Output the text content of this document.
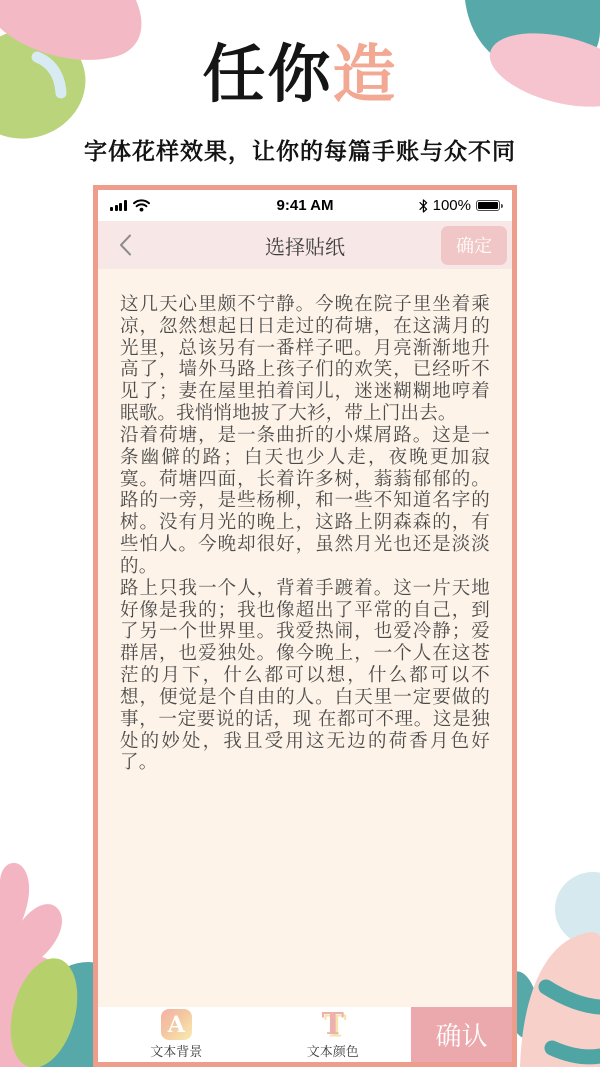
任你造

字体花样效果，让你的每篇手账与众不同

9:41 AM	100%
选择贴纸	确定

这几天心里颇不宁静。今晚在院子里坐着乘凉，忽然想起日日走过的荷塘，在这满月的光里，总该另有一番样子吧。月亮渐渐地升高了，墙外马路上孩子们的欢笑，已经听不见了；妻在屋里拍着闰儿，迷迷糊糊地哼着眠歌。我悄悄地披了大衫，带上门出去。

沿着荷塘，是一条曲折的小煤屑路。这是一条幽僻的路；白天也少人走，夜晚更加寂寞。荷塘四面，长着许多树，蓊蓊郁郁的。路的一旁，是些杨柳，和一些不知道名字的树。没有月光的晚上，这路上阴森森的，有些怕人。今晚却很好，虽然月光也还是淡淡的。

路上只我一个人，背着手踱着。这一片天地好像是我的；我也像超出了平常的自己，到了另一个世界里。我爱热闹，也爱冷静；爱群居，也爱独处。像今晚上，一个人在这苍茫的月下，什么都可以想，什么都可以不想，便觉是个自由的人。白天里一定要做的事，一定要说的话，现 在都可不理。这是独处的妙处，我且受用这无边的荷香月色好了。

A
文本背景
T
文本颜色
确认
